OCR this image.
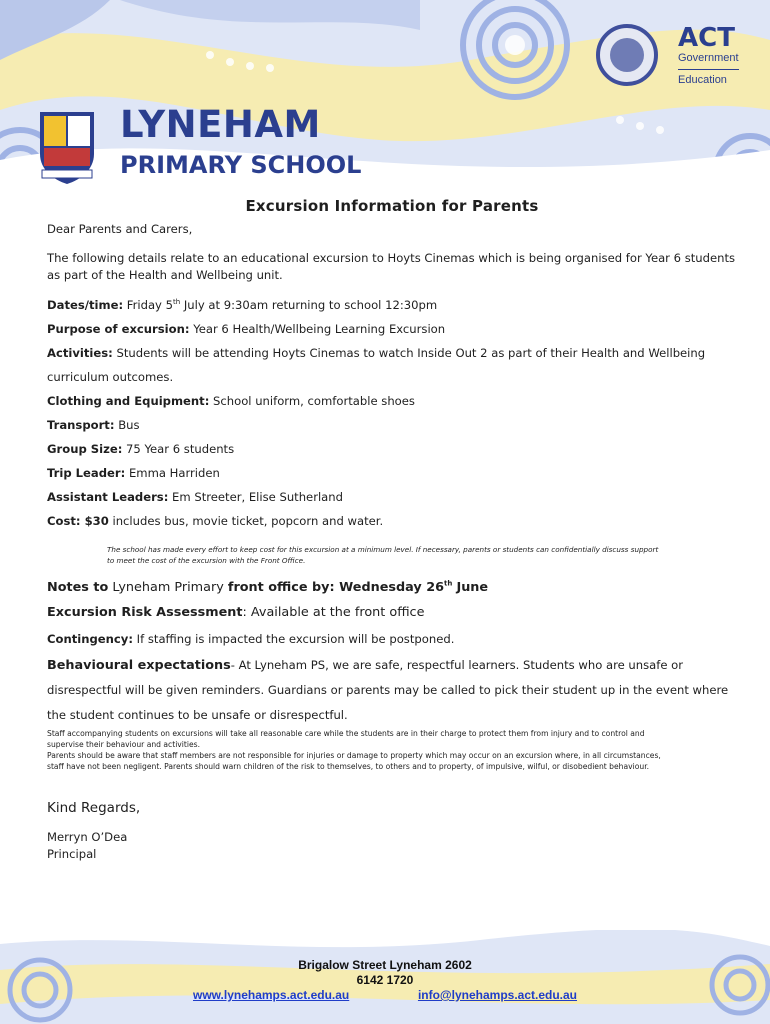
LYNEHAM
PRIMARY SCHOOL
ACT
Government
Education
Excursion Information for Parents

Dear Parents and Carers,

The following details relate to an educational excursion to Hoyts Cinemas which is being organised for Year 6 students as part of the Health and Wellbeing unit.

Dates/time: Friday 5th July at 9:30am returning to school 12:30pm

Purpose of excursion: Year 6 Health/Wellbeing Learning Excursion

Activities: Students will be attending Hoyts Cinemas to watch Inside Out 2 as part of their Health and Wellbeing

curriculum outcomes.

Clothing and Equipment: School uniform, comfortable shoes

Transport: Bus

Group Size: 75 Year 6 students

Trip Leader: Emma Harriden

Assistant Leaders: Em Streeter, Elise Sutherland

Cost: $30 includes bus, movie ticket, popcorn and water.

The school has made every effort to keep cost for this excursion at a minimum level. If necessary, parents or students can confidentially discuss support

to meet the cost of the excursion with the Front Office.

Notes to Lyneham Primary front office by: Wednesday 26th June

Excursion Risk Assessment: Available at the front office

Contingency: If staffing is impacted the excursion will be postponed.

Behavioural expectations- At Lyneham PS, we are safe, respectful learners. Students who are unsafe or

disrespectful will be given reminders. Guardians or parents may be called to pick their student up in the event where

the student continues to be unsafe or disrespectful.

Staff accompanying students on excursions will take all reasonable care while the students are in their charge to protect them from injury and to control and

supervise their behaviour and activities.

Parents should be aware that staff members are not responsible for injuries or damage to property which may occur on an excursion where, in all circumstances,

staff have not been negligent. Parents should warn children of the risk to themselves, to others and to property, of impulsive, wilful, or disobedient behaviour.

Kind Regards,

Merryn O’Dea

Principal

Brigalow Street Lyneham 2602
6142 1720
www.lynehamps.act.edu.au	info@lynehamps.act.edu.au
